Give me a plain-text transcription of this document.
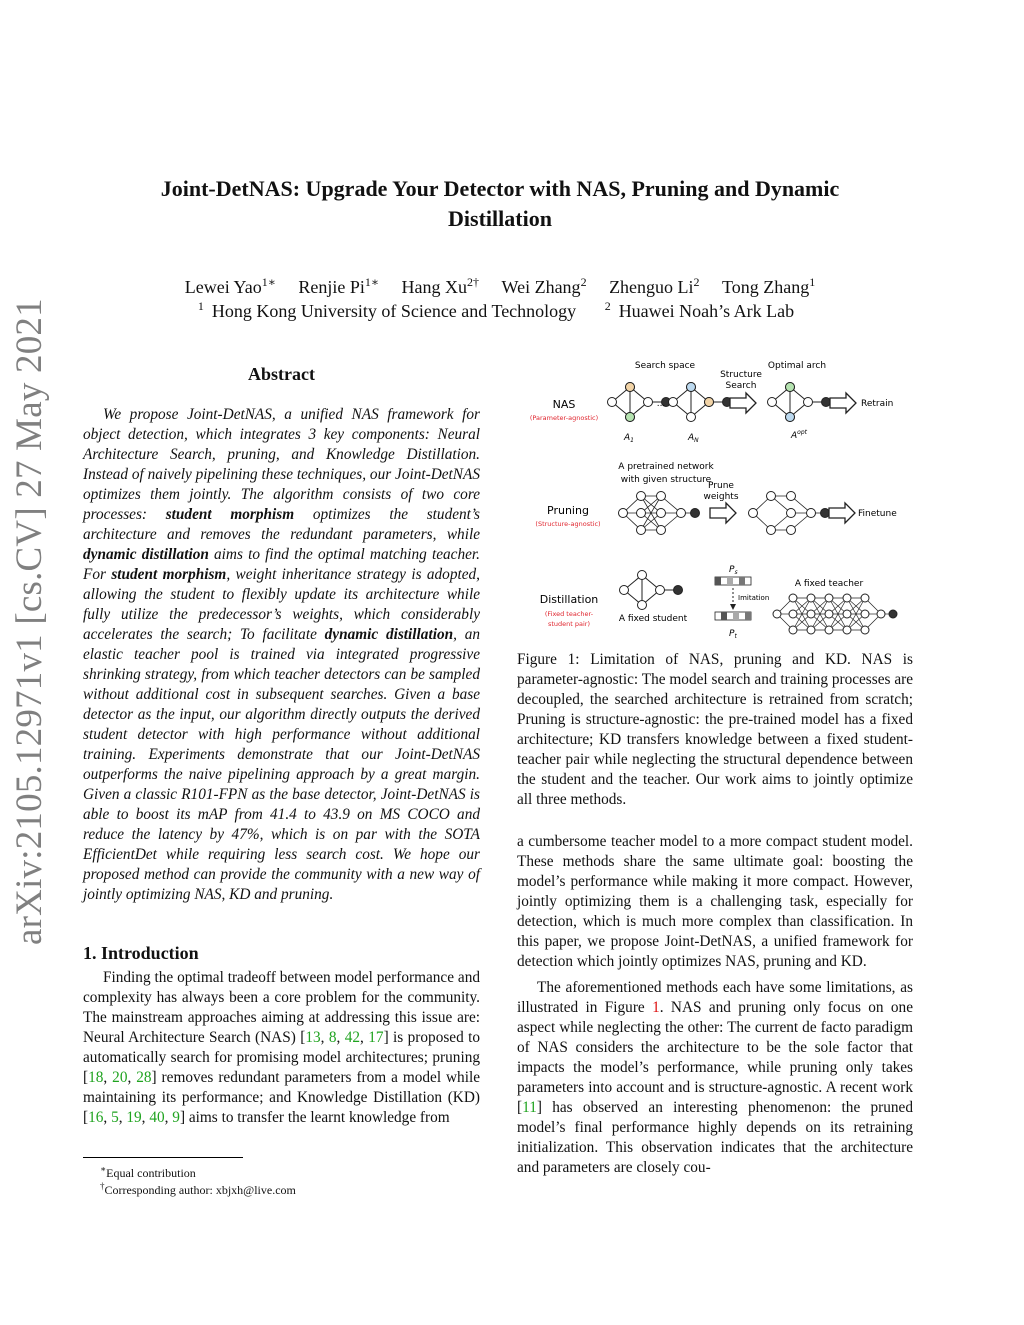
Joint-DetNAS: Upgrade Your Detector with NAS, Pruning and Dynamic
Distillation
Lewei Yao$^{1∗}$ Renjie $Pi^{1∗}$ Hang $Xu^{2\dagger}$ Wei Zhang$^2$ Zhenguo Li$^2$ Tong Zhang$^1$
$^1$ Hong Kong University of Science and Technology $^2$ Huawei Noah’s Ark Lab
arXiv:2105.12971v1 [cs.CV] 27 May 2021	Abstract

We propose Joint-DetNAS, a unified NAS framework for object detection, which integrates 3 key components: Neural Architecture Search, pruning, and Knowledge Distillation. Instead of naively pipelining these techniques, our Joint-DetNAS optimizes them jointly. The algorithm consists of two core processes: student morphism optimizes the student’s architecture and removes the redundant parameters, while dynamic distillation aims to find the optimal matching teacher. For student morphism, weight inheritance strategy is adopted, allowing the student to flexibly update its architecture while fully utilize the predecessor’s weights, which considerably accelerates the search; To facilitate dynamic distillation, an elastic teacher pool is trained via integrated progressive shrinking strategy, from which teacher detectors can be sampled without additional cost in subsequent searches. Given a base detector as the input, our algorithm directly outputs the derived student detector with high performance without additional training. Experiments demonstrate that our Joint-DetNAS outperforms the naive pipelining approach by a great margin. Given a classic R101-FPN as the base detector, Joint-DetNAS is able to boost its mAP from 41.4 to 43.9 on MS COCO and reduce the latency by 47%, which is on par with the SOTA EfficientDet while requiring less search cost. We hope our proposed method can provide the community with a new way of jointly optimizing NAS, KD and pruning.

1. Introduction

Finding the optimal tradeoff between model performance and complexity has always been a core problem for the community. The mainstream approaches aiming at addressing this issue are: Neural Architecture Search (NAS) [13, 8, 42, 17] is proposed to automatically search for promising model architectures; pruning [18, 20, 28] removes redundant parameters from a model while maintaining its performance; and Knowledge Distillation (KD) [16, 5, 19, 40, 9] aims to transfer the learnt knowledge from

∗Equal contribution
†Corresponding author: xbjxh@live.com
NAS
(Parameter-agnostic)
Search space
...
$A_1$	$A_N$
Structure
Search
Optimal arch
$A^{opt}$
Retrain
A pretrained network
with given structure
Pruning
(Structure-agnostic)
Prune
weights
Finetune
Distillation
(Fixed teacher-
student pair)	A fixed student
$P_s$
Imitation
$P_t$
A fixed teacher

Figure 1: Limitation of NAS, pruning and KD. NAS is parameter-agnostic: The model search and training processes are decoupled, the searched architecture is retrained from scratch; Pruning is structure-agnostic: the pre-trained model has a fixed architecture; KD transfers knowledge between a fixed student-teacher pair while neglecting the structural dependence between the student and the teacher. Our work aims to jointly optimize all three methods.

a cumbersome teacher model to a more compact student model. These methods share the same ultimate goal: boosting the model’s performance while making it more compact. However, jointly optimizing them is a challenging task, especially for detection, which is much more complex than classification. In this paper, we propose Joint-DetNAS, a unified framework for detection which jointly optimizes NAS, pruning and KD.

The aforementioned methods each have some limitations, as illustrated in Figure 1. NAS and pruning only focus on one aspect while neglecting the other: The current de facto paradigm of NAS considers the architecture to be the sole factor that impacts the model’s performance, while pruning only takes parameters into account and is structure-agnostic. A recent work [11] has observed an interesting phenomenon: the pruned model’s final performance highly depends on its retraining initialization. This observation indicates that the architecture and parameters are closely cou-
